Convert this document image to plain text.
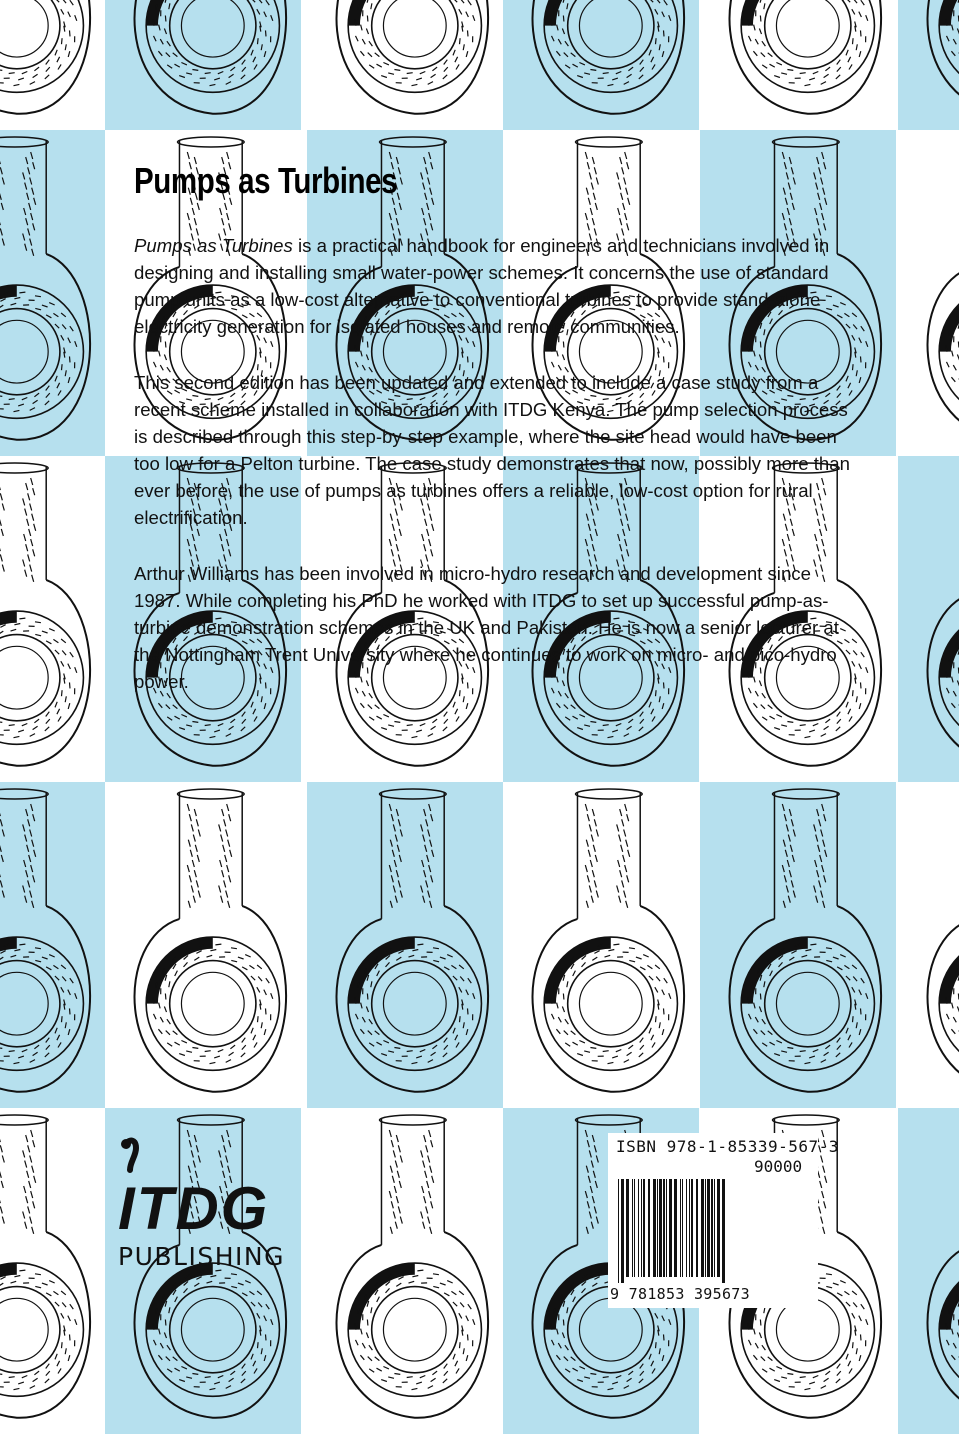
Pumps as Turbines

Pumps as Turbines is a practical handbook for engineers and technicians involved in designing and installing small water-power schemes. It concerns the use of standard pump units as a low-cost alternative to conventional turbines to provide stand-alone electricity generation for isolated houses and remote communities.

This second edition has been updated and extended to include a case study from a recent scheme installed in collaboration with ITDG Kenya. The pump selection process is described through this step-by-step example, where the site head would have been too low for a Pelton turbine. The case study demonstrates that now, possibly more than ever before, the use of pumps as turbines offers a reliable, low-cost option for rural electrification.

Arthur Williams has been involved in micro-hydro research and development since 1987. While completing his PhD he worked with ITDG to set up successful pump-as-turbine demonstration schemes in the UK and Pakistan. He is now a senior lecturer at the Nottingham Trent University where he continues to work on micro- and pico-hydro power.

ITDG
PUBLISHING
ISBN 978-1-85339-567-3
90000
9 781853 395673
